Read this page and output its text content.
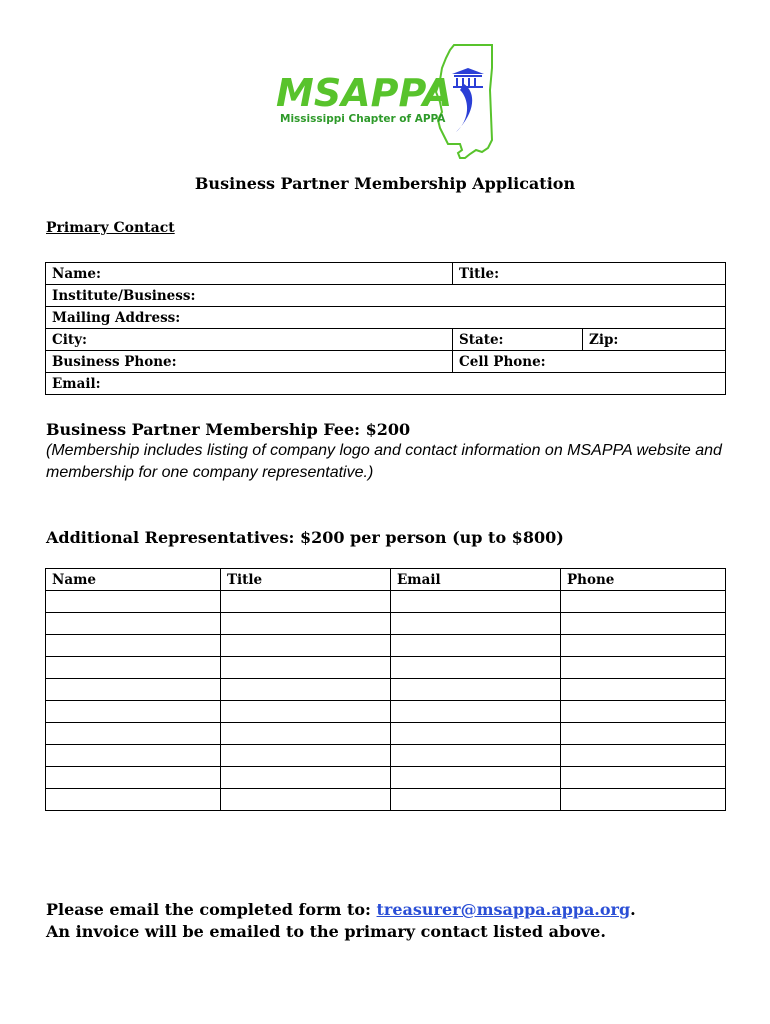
MSAPPA
Mississippi Chapter of APPA
Business Partner Membership Application
Primary Contact
Name:	Title:	
Institute/Business:		
Mailing Address:		
City:	State:	Zip:
Business Phone:	Cell Phone:	
Email:		
Business Partner Membership Fee: $200
(Membership includes listing of company logo and contact information on MSAPPA website and membership for one company representative.)
Additional Representatives: $200 per person (up to $800)
Name	Title	Email	Phone

Please email the completed form to: treasurer@msappa.appa.org.
An invoice will be emailed to the primary contact listed above.
